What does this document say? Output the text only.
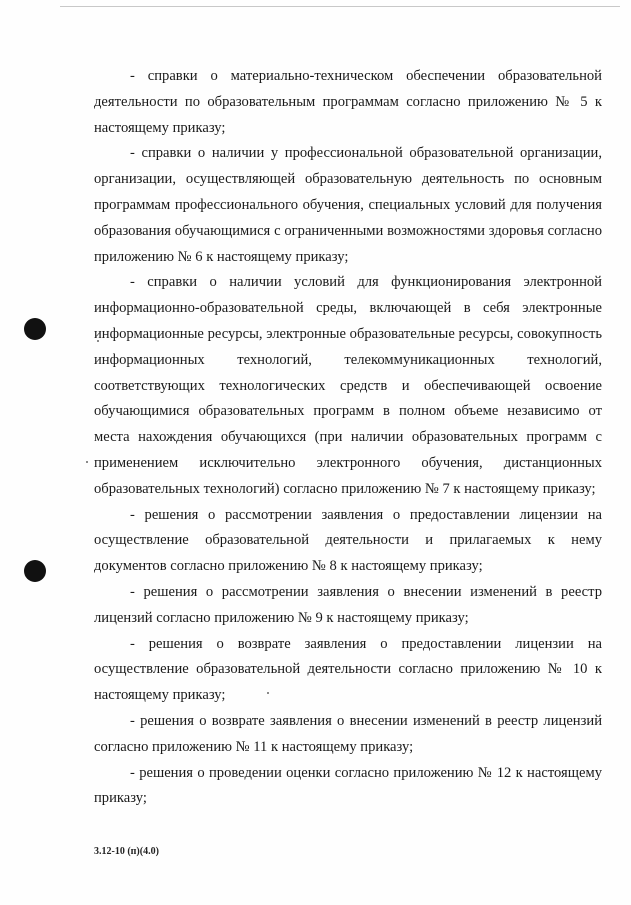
- справки о материально-техническом обеспечении образовательной деятельности по образовательным программам согласно приложению № 5 к настоящему приказу;

- справки о наличии у профессиональной образовательной организации, организации, осуществляющей образовательную деятельность по основным программам профессионального обучения, специальных условий для получения образования обучающимися с ограниченными возможностями здоровья согласно приложению № 6 к настоящему приказу;

- справки о наличии условий для функционирования электронной информационно-образовательной среды, включающей в себя электронные информационные ресурсы, электронные образовательные ресурсы, совокупность информационных технологий, телекоммуникационных технологий, соответствующих технологических средств и обеспечивающей освоение обучающимися образовательных программ в полном объеме независимо от места нахождения обучающихся (при наличии образовательных программ с применением исключительно электронного обучения, дистанционных образовательных технологий) согласно приложению № 7 к настоящему приказу;

- решения о рассмотрении заявления о предоставлении лицензии на осуществление образовательной деятельности и прилагаемых к нему документов согласно приложению № 8 к настоящему приказу;

- решения о рассмотрении заявления о внесении изменений в реестр лицензий согласно приложению № 9 к настоящему приказу;

- решения о возврате заявления о предоставлении лицензии на осуществление образовательной деятельности согласно приложению № 10 к настоящему приказу;

- решения о возврате заявления о внесении изменений в реестр лицензий согласно приложению № 11 к настоящему приказу;

- решения о проведении оценки согласно приложению № 12 к настоящему приказу;

3.12-10 (п)(4.0)
